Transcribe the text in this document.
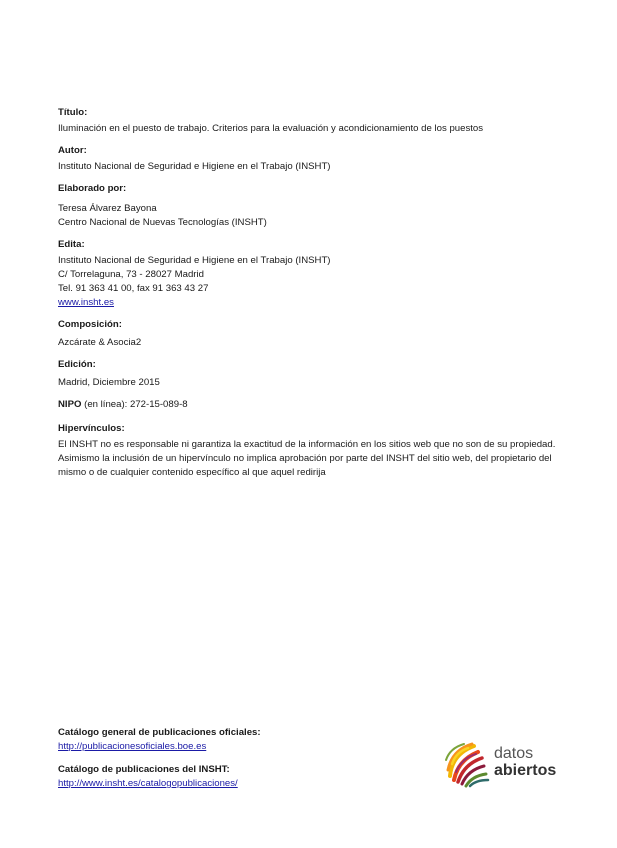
Título:
Iluminación en el puesto de trabajo. Criterios para la evaluación y acondicionamiento de los puestos
Autor:
Instituto Nacional de Seguridad e Higiene en el Trabajo (INSHT)
Elaborado por:
Teresa Álvarez Bayona
Centro Nacional de Nuevas Tecnologías (INSHT)
Edita:
Instituto Nacional de Seguridad e Higiene en el Trabajo (INSHT)
C/ Torrelaguna, 73 - 28027 Madrid
Tel. 91 363 41 00, fax 91 363 43 27
www.insht.es
Composición:
Azcárate & Asocia2
Edición:
Madrid, Diciembre 2015
NIPO (en línea): 272-15-089-8
Hipervínculos:
El INSHT no es responsable ni garantiza la exactitud de la información en los sitios web que no son de su propiedad. Asimismo la inclusión de un hipervínculo no implica aprobación por parte del INSHT del sitio web, del propietario del mismo o de cualquier contenido específico al que aquel redirija
Catálogo general de publicaciones oficiales:
http://publicacionesoficiales.boe.es
Catálogo de publicaciones del INSHT:
http://www.insht.es/catalogopublicaciones/
datos
abiertos
